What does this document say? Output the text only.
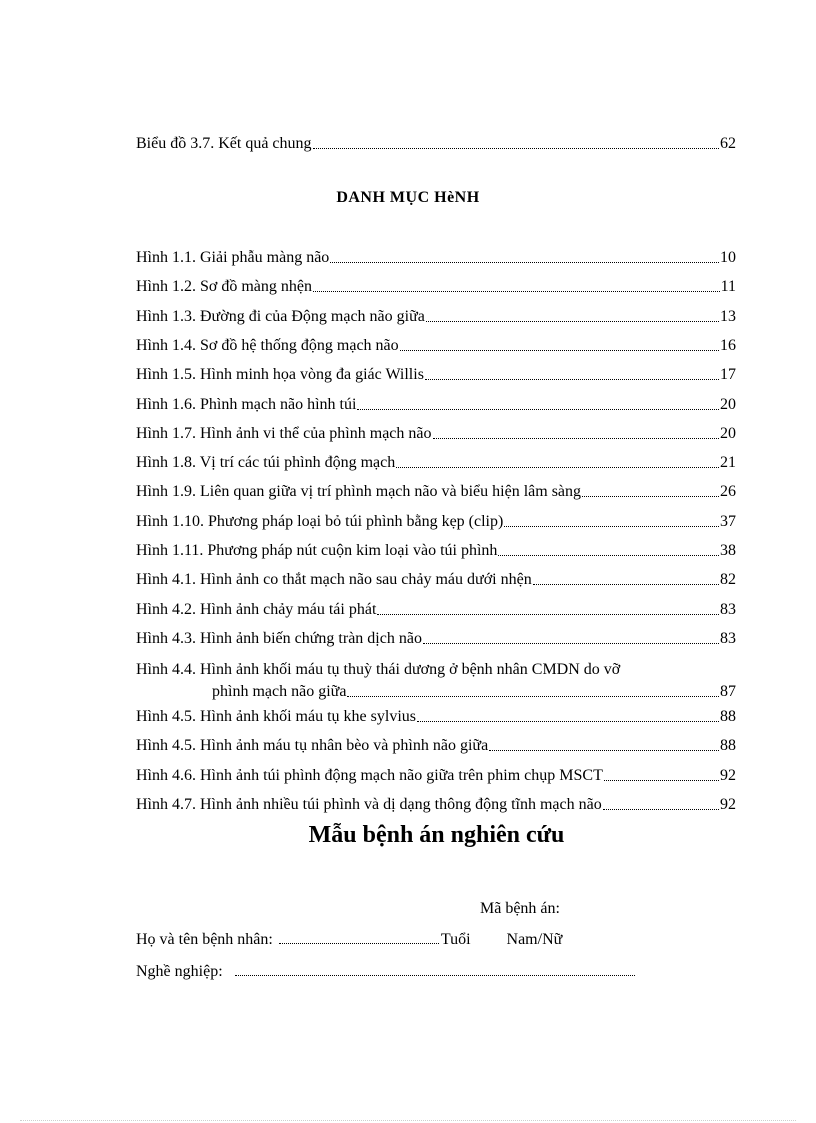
Biểu đồ 3.7. Kết quả chung	62
DANH MỤC HèNH
Hình 1.1. Giải phẫu màng não	10
Hình 1.2. Sơ đồ màng nhện	11
Hình 1.3. Đường đi của Động mạch não giữa	13
Hình 1.4. Sơ đồ hệ thống động mạch não	16
Hình 1.5. Hình minh họa vòng đa giác Willis	17
Hình 1.6. Phình mạch não hình túi	20
Hình 1.7. Hình ảnh vi thể của phình mạch não	20
Hình 1.8. Vị trí các túi phình động mạch	21
Hình 1.9. Liên quan giữa vị trí phình mạch não và biểu hiện lâm sàng	26
Hình 1.10. Phương pháp loại bỏ túi phình bằng kẹp (clip)	37
Hình 1.11. Phương pháp nút cuộn kim loại vào túi phình	38
Hình 4.1. Hình ảnh co thắt mạch não sau chảy máu dưới nhện	82
Hình 4.2. Hình ảnh chảy máu tái phát	83
Hình 4.3. Hình ảnh biến chứng tràn dịch não	83
Hình 4.4. Hình ảnh khối máu tụ thuỳ thái dương ở bệnh nhân CMDN do vỡ
phình mạch não giữa	87
Hình 4.5. Hình ảnh khối máu tụ khe sylvius	88
Hình 4.5. Hình ảnh máu tụ nhân bèo và phình não giữa	88
Hình 4.6. Hình ảnh túi phình động mạch não giữa trên phim chụp MSCT	92
Hình 4.7. Hình ảnh nhiều túi phình và dị dạng thông động tĩnh mạch não	92
Mẫu bệnh án nghiên cứu
Mã bệnh án:
Họ và tên bệnh nhân:	Tuổi Nam/Nữ
Nghề nghiệp:
